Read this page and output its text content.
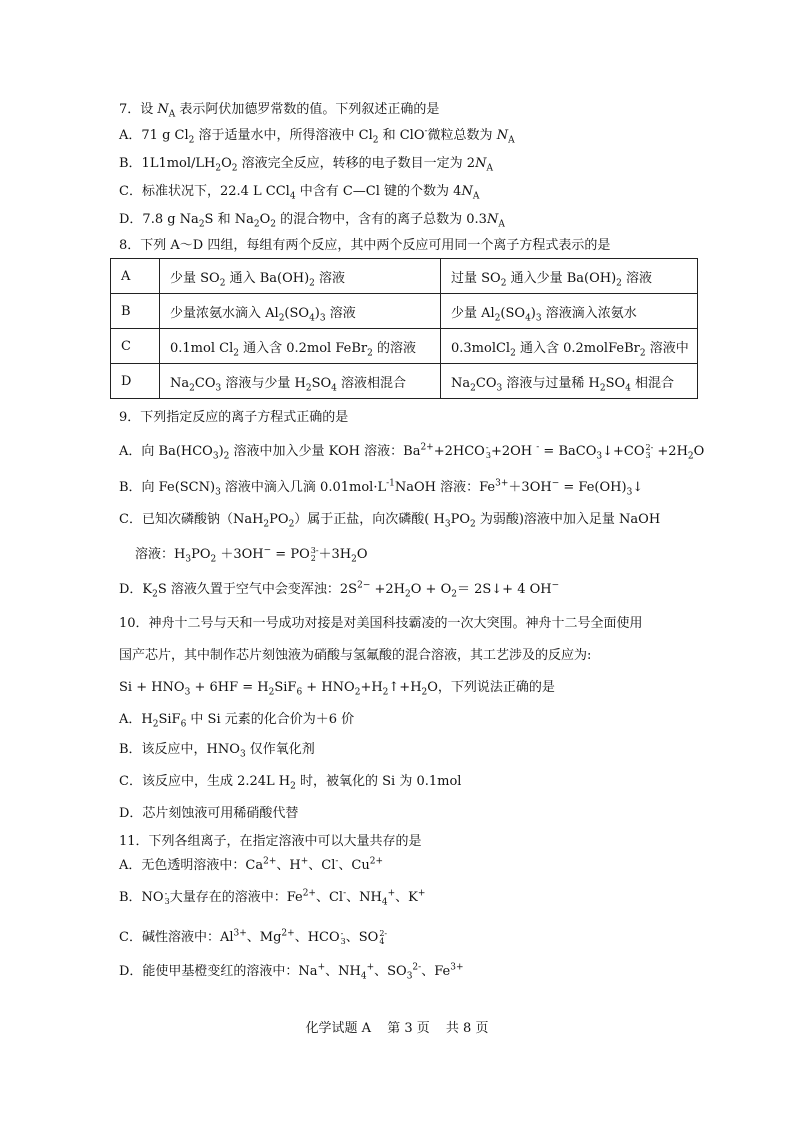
7．设 $N_A$ 表示阿伏加德罗常数的值。下列叙述正确的是
A．71 g $Cl_2$ 溶于适量水中，所得溶液中 $Cl_2$ 和 ClO-微粒总数为 $N_A$
B．$1L1mol/LH_2O_2$ 溶液完全反应，转移的电子数目一定为 $2N_A$
C．标准状况下，22.4 L CCl$_4$ 中含有 C—Cl 键的个数为 $4N_A$
D．7.8 g $Na_2S$ 和 $Na_2O_2$ 的混合物中，含有的离子总数为 $0.3N_A$
8．下列 A～D 四组，每组有两个反应，其中两个反应可用同一个离子方程式表示的是
A	少量 $SO_2$ 通入 $Ba(OH)_2$ 溶液	过量 $SO_2$ 通入少量 $Ba(OH)_2$ 溶液
B	少量浓氨水滴入 $Al_2(SO_4)_3$ 溶液	少量 $Al_2(SO_4)_3$ 溶液滴入浓氨水
C	0.1mol $Cl_2$ 通入含 0.2mol FeBr$_2$ 的溶液	0.3molCl$_2$ 通入含 0.2molFeBr$_2$ 溶液中
D	$Na_2CO_3$ 溶液与少量 $H_2SO_4$ 溶液相混合	$Na_2CO_3$ 溶液与过量稀 $H_2SO_4$ 相混合
9．下列指定反应的离子方程式正确的是
A．向 $Ba(HCO_3)_2$ 溶液中加入少量 KOH 溶液：$Ba^{2+}+2HCO$ -
3 +2OH - = BaCO$_3$↓+CO 2-
$3 +2H_2O$
B．向 $Fe(SCN)_3$ 溶液中滴入几滴 $0.01mol\cdot L^{-1}NaOH$ 溶液：$Fe^{3+}+3OH^-$ = $Fe(OH)_3↓$
C．已知次磷酸钠$(NaH_2PO_2)$属于正盐，向次磷酸( $H_3PO_2$ 为弱酸)溶液中加入足量 NaOH
溶液：$H_3PO_2 +3OH^-$ = PO 3-
$2 +3H_2O$
D．$K_2S$ 溶液久置于空气中会变浑浊：$2S^{2-} +2H_2O + O_2=$ 2S↓+ 4 OH−
10．神舟十二号与天和一号成功对接是对美国科技霸凌的一次大突围。神舟十二号全面使用
国产芯片，其中制作芯片刻蚀液为硝酸与氢氟酸的混合溶液，其工艺涉及的反应为:
$Si + HNO_3 + 6HF = H_2SiF_6$ + $HNO_2+H_2↑+H_2O$，下列说法正确的是
A．$H_2SiF_6$ 中 Si 元素的化合价为＋6 价
B．该反应中，$HNO_3$ 仅作氧化剂
C．该反应中，生成 2.24L $H_2$ 时，被氧化的 Si 为 0.1mol
D．芯片刻蚀液可用稀硝酸代替
11．下列各组离子，在指定溶液中可以大量共存的是
A．无色透明溶液中：$Ca^{2+}$、H+、Cl-、$Cu^{2+}$
B．NO -
3 大量存在的溶液中：$Fe^{2+}$、Cl-、$NH_4^+$、K+
C．碱性溶液中：$Al^{3+}$、$Mg^{2+}$、HCO -
3 、SO 2-
4
D．能使甲基橙变红的溶液中：Na+、$NH_4^+$、$SO_3^{2-}$、$Fe^{3+}$
化学试题 A 第 3 页 共 8 页
